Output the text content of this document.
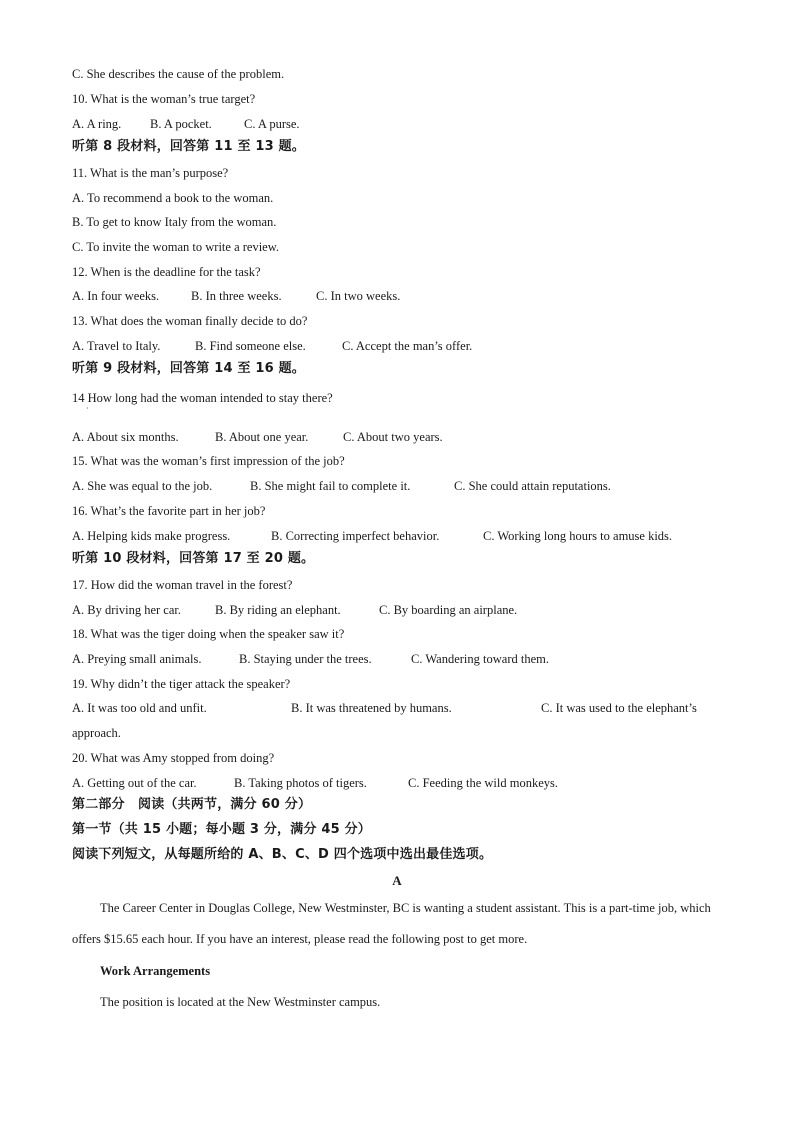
C. She describes the cause of the problem.
10. What is the woman’s true target?
A. A ring. B. A pocket.	C. A purse.
听第 8 段材料，回答第 11 至 13 题。
11. What is the man’s purpose?
A. To recommend a book to the woman.
B. To get to know Italy from the woman.
C. To invite the woman to write a review.
12. When is the deadline for the task?
A. In four weeks.	B. In three weeks.	C. In two weeks.
13. What does the woman finally decide to do?
A. Travel to Italy.	B. Find someone else.	C. Accept the man’s offer.
听第 9 段材料，回答第 14 至 16 题。
14 How long had the woman intended to stay there?
·
A. About six months.	B. About one year.	C. About two years.
15. What was the woman’s first impression of the job?
A. She was equal to the job.	B. She might fail to complete it.	C. She could attain reputations.
16. What’s the favorite part in her job?
A. Helping kids make progress.	B. Correcting imperfect behavior.	C. Working long hours to amuse kids.
听第 10 段材料，回答第 17 至 20 题。
17. How did the woman travel in the forest?
A. By driving her car.	B. By riding an elephant.	C. By boarding an airplane.
18. What was the tiger doing when the speaker saw it?
A. Preying small animals.	B. Staying under the trees.	C. Wandering toward them.
19. Why didn’t the tiger attack the speaker?
A. It was too old and unfit.	B. It was threatened by humans.	C. It was used to the elephant’s
approach.
20. What was Amy stopped from doing?
A. Getting out of the car.	B. Taking photos of tigers.	C. Feeding the wild monkeys.
第二部分　阅读（共两节，满分 60 分）
第一节（共 15 小题；每小题 3 分，满分 45 分）
阅读下列短文，从每题所给的 A、B、C、D 四个选项中选出最佳选项。
A
The Career Center in Douglas College, New Westminster, BC is wanting a student assistant. This is a part-time job, which offers $15.65 each hour. If you have an interest, please read the following post to get more.
Work Arrangements
The position is located at the New Westminster campus.
